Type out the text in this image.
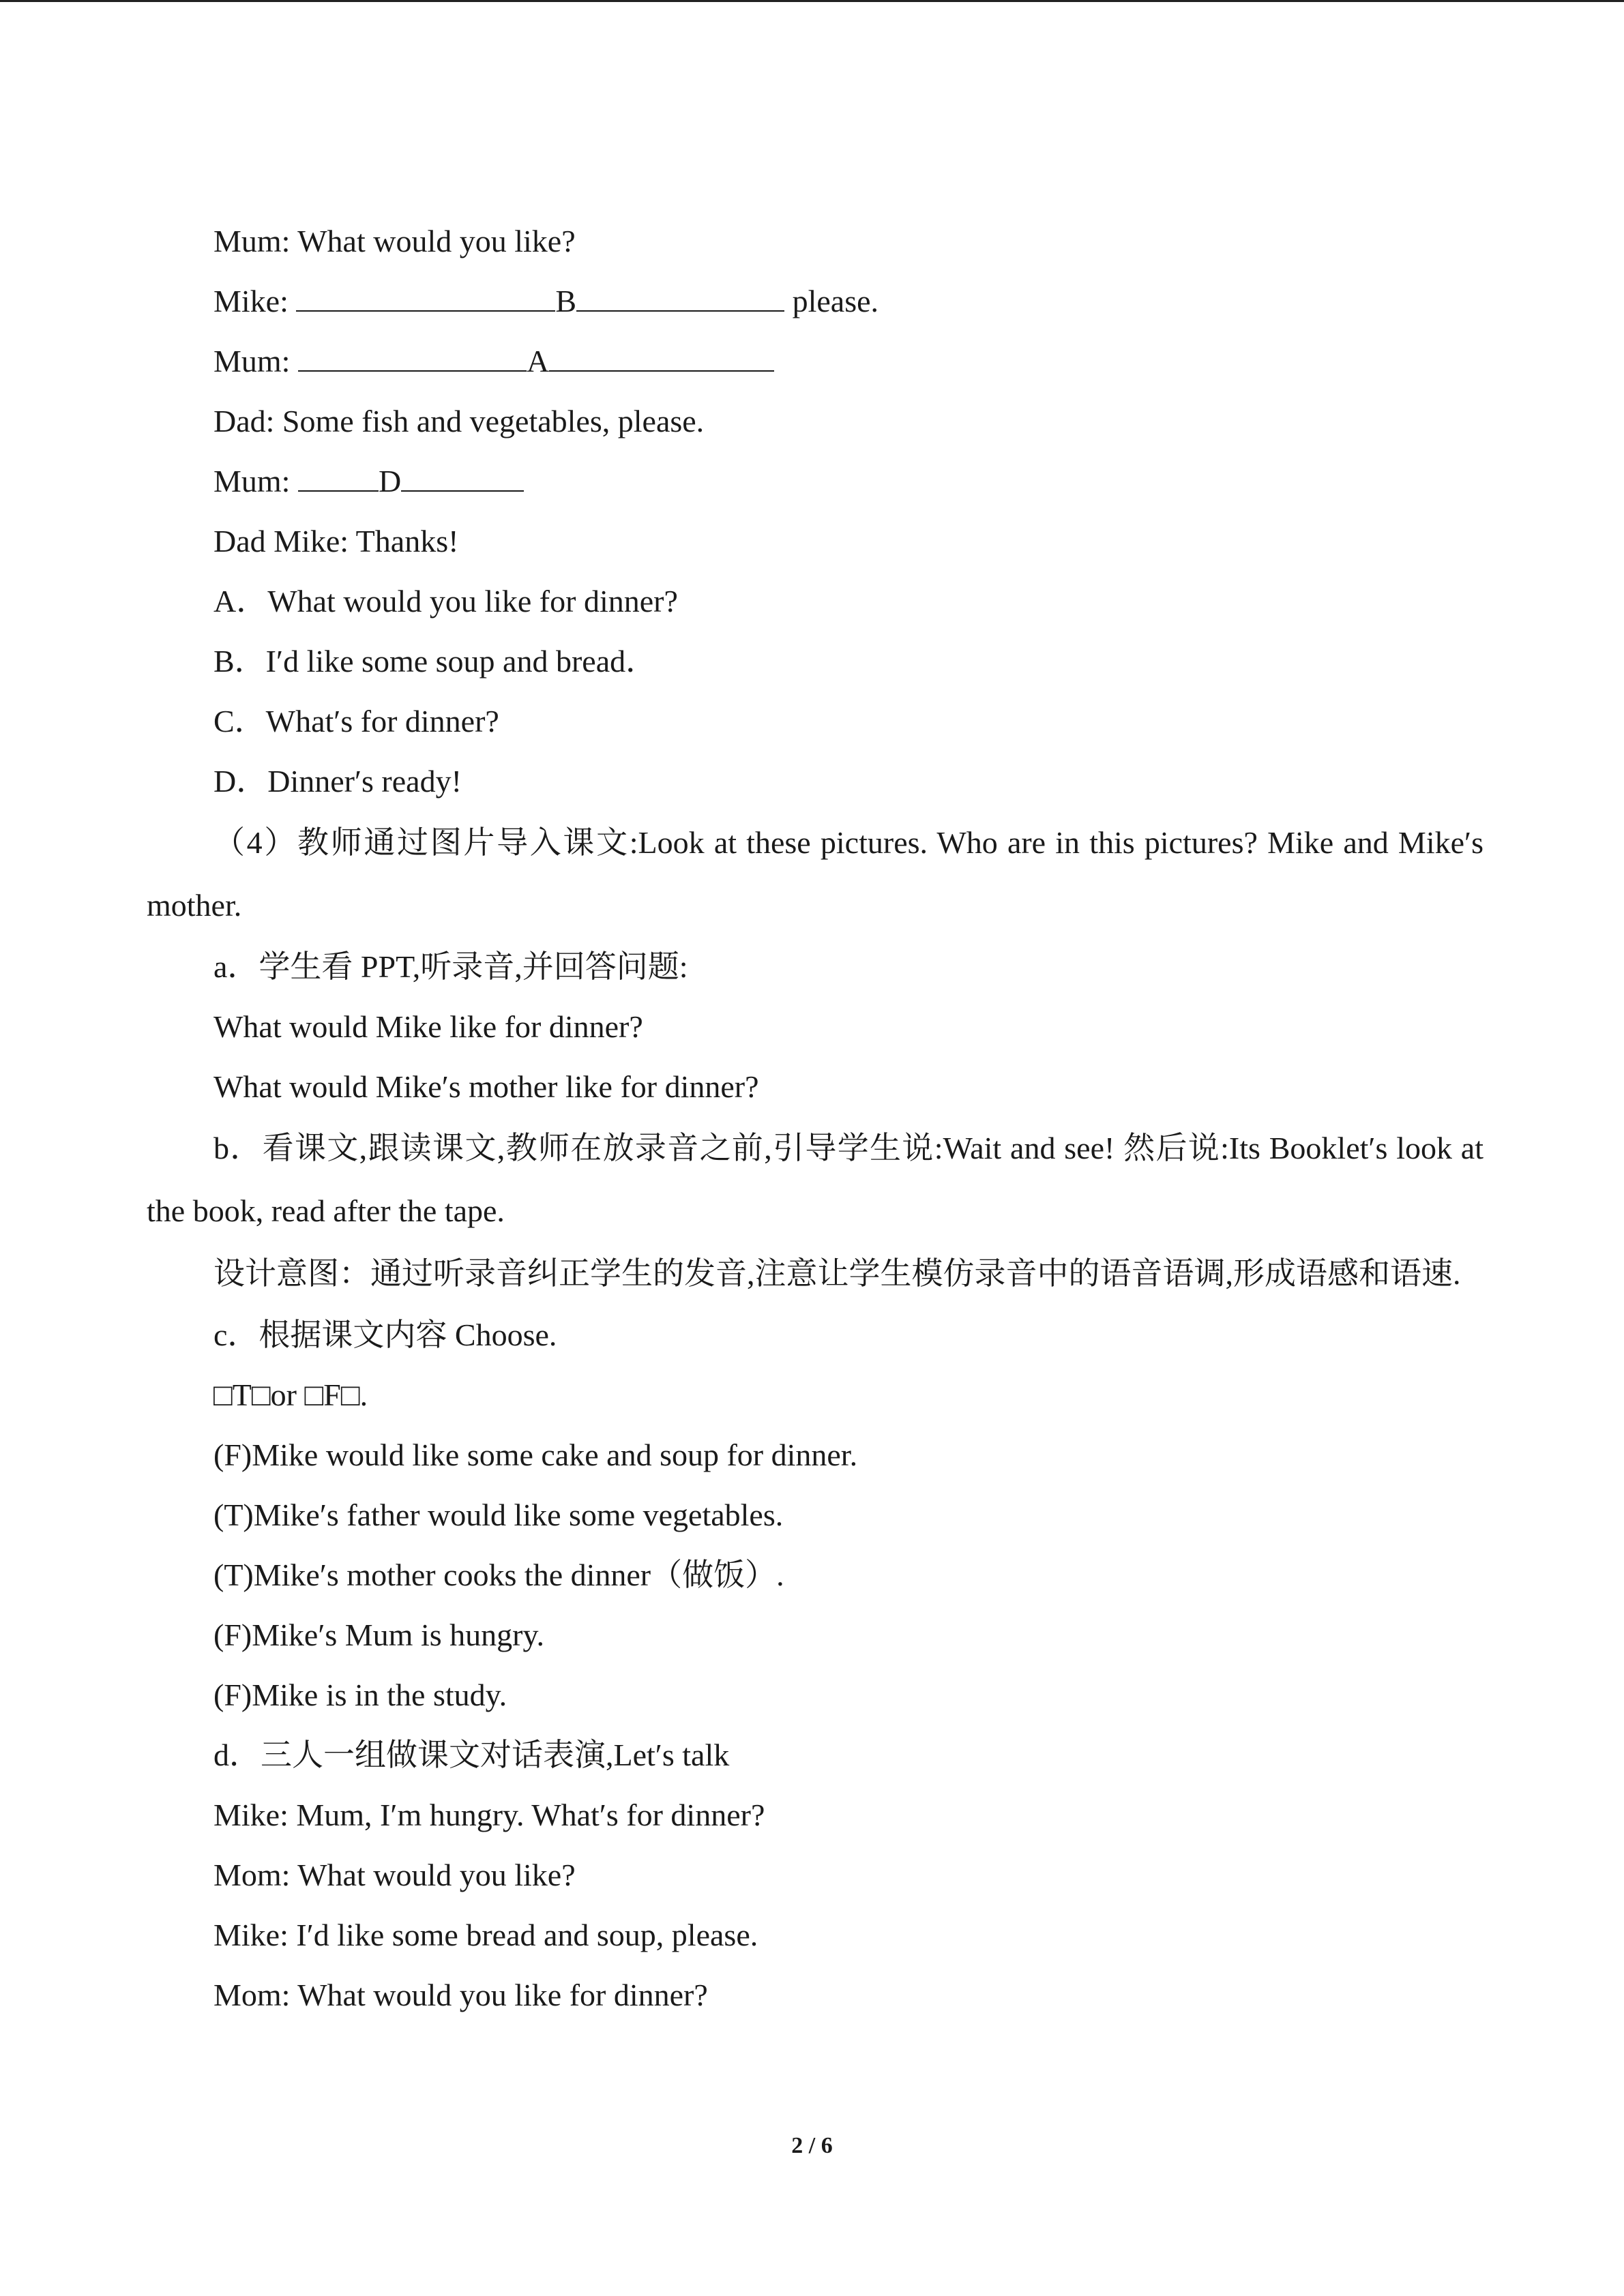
Mum: What would you like?
Mike:	B	please.
Mum:	A
Dad: Some fish and vegetables, please.
Mum:	D
Dad Mike: Thanks!
A．What would you like for dinner?
B．I′d like some soup and bread．
C．What′s for dinner?
D．Dinner′s ready!
（4）教师通过图片导入课文:Look at these pictures. Who are in this pictures? Mike and Mike′s mother.
a．学生看 PPT,听录音,并回答问题:
What would Mike like for dinner?
What would Mike′s mother like for dinner?
b．看课文,跟读课文,教师在放录音之前,引导学生说:Wait and see! 然后说:Its Booklet′s look at the book, read after the tape.
设计意图：通过听录音纠正学生的发音,注意让学生模仿录音中的语音语调,形成语感和语速.
c．根据课文内容 Choose.
□T□or □F□.
(F)Mike would like some cake and soup for dinner.
(T)Mike′s father would like some vegetables.
(T)Mike′s mother cooks the dinner（做饭）.
(F)Mike′s Mum is hungry.
(F)Mike is in the study.
d．三人一组做课文对话表演,Let′s talk
Mike: Mum, I′m hungry. What′s for dinner?
Mom: What would you like?
Mike: I′d like some bread and soup, please.
Mom: What would you like for dinner?
2 / 6
